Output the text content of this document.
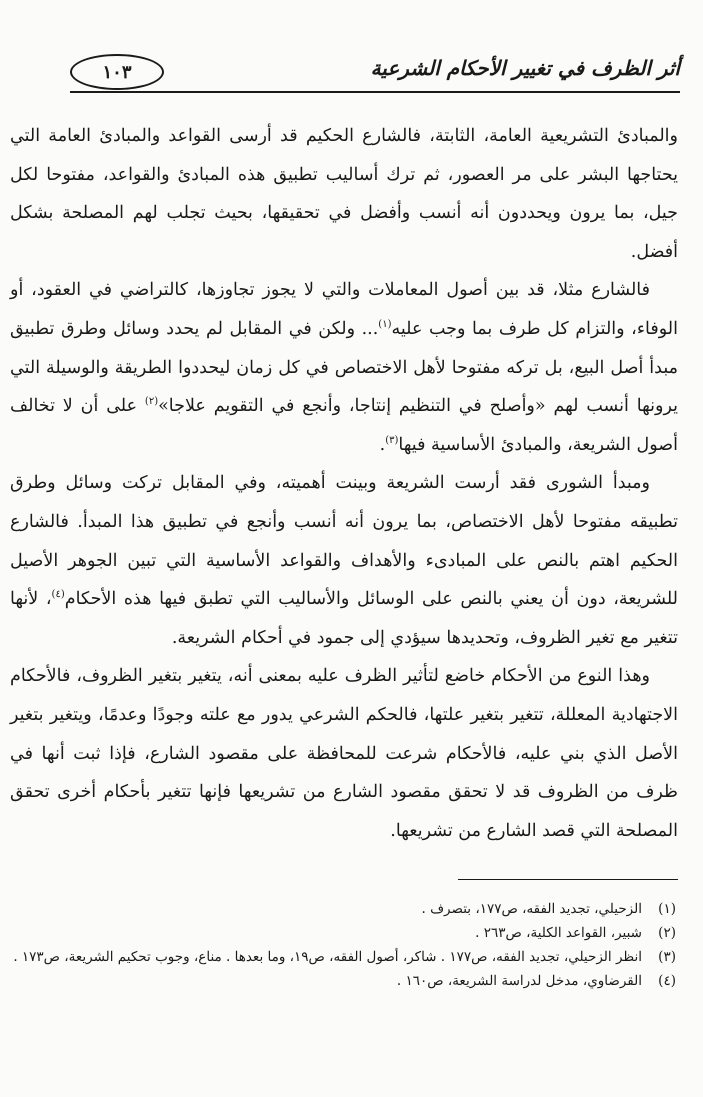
أثر الظرف في تغيير الأحكام الشرعية
١٠٣

والمبادئ التشريعية العامة، الثابتة، فالشارع الحكيم قد أرسى القواعد والمبادئ العامة التي يحتاجها البشر على مر العصور، ثم ترك أساليب تطبيق هذه المبادئ والقواعد، مفتوحا لكل جيل، بما يرون ويحددون أنه أنسب وأفضل في تحقيقها، بحيث تجلب لهم المصلحة بشكل أفضل.

فالشارع مثلا، قد بين أصول المعاملات والتي لا يجوز تجاوزها، كالتراضي في العقود، أو الوفاء، والتزام كل طرف بما وجب عليه$^{(١)}$... ولكن في المقابل لم يحدد وسائل وطرق تطبيق مبدأ أصل البيع، بل تركه مفتوحا لأهل الاختصاص في كل زمان ليحددوا الطريقة والوسيلة التي يرونها أنسب لهم «وأصلح في التنظيم إنتاجا، وأنجع في التقويم علاجا»$^{(٢)}$ على أن لا تخالف أصول الشريعة، والمبادئ الأساسية فيها$^{(٣)}$.

ومبدأ الشورى فقد أرست الشريعة وبينت أهميته، وفي المقابل تركت وسائل وطرق تطبيقه مفتوحا لأهل الاختصاص، بما يرون أنه أنسب وأنجع في تطبيق هذا المبدأ. فالشارع الحكيم اهتم بالنص على المبادىء والأهداف والقواعد الأساسية التي تبين الجوهر الأصيل للشريعة، دون أن يعني بالنص على الوسائل والأساليب التي تطبق فيها هذه الأحكام$^{(٤)}$، لأنها تتغير مع تغير الظروف، وتحديدها سيؤدي إلى جمود في أحكام الشريعة.

وهذا النوع من الأحكام خاضع لتأثير الظرف عليه بمعنى أنه، يتغير بتغير الظروف، فالأحكام الاجتهادية المعللة، تتغير بتغير علتها، فالحكم الشرعي يدور مع علته وجودًا وعدمًا، ويتغير بتغير الأصل الذي بني عليه، فالأحكام شرعت للمحافظة على مقصود الشارع، فإذا ثبت أنها في ظرف من الظروف قد لا تحقق مقصود الشارع من تشريعها فإنها تتغير بأحكام أخرى تحقق المصلحة التي قصد الشارع من تشريعها.

(١)
الزحيلي، تجديد الفقه، ص١٧٧، بتصرف .
(٢)
شبير، القواعد الكلية، ص٢٦٣ .
(٣)
انظر الزحيلي، تجديد الفقه، ص١٧٧ . شاكر، أصول الفقه، ص١٩، وما بعدها . مناع، وجوب تحكيم الشريعة، ص١٧٣ .
(٤)
القرضاوي، مدخل لدراسة الشريعة، ص١٦٠ .
